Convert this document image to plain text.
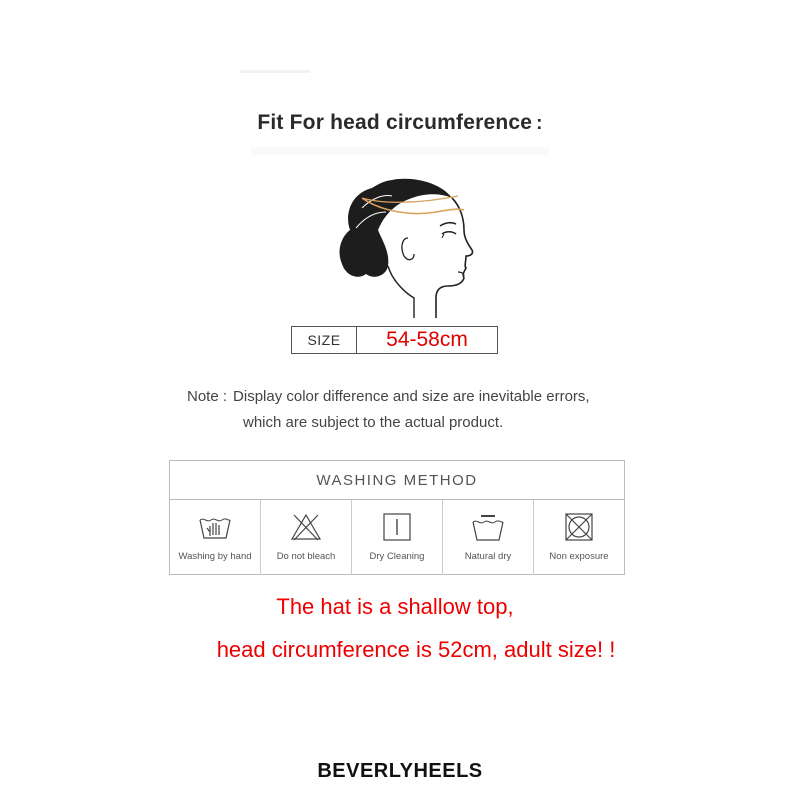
Fit For head circumference :
SIZE	54-58cm
Note : Display color difference and size are inevitable errors,
which are subject to the actual product.
WASHING METHOD
Washing by hand	Do not bleach	Dry Cleaning	Natural dry	Non exposure
The hat is a shallow top,
head circumference is 52cm, adult size! !
BEVERLYHEELS
